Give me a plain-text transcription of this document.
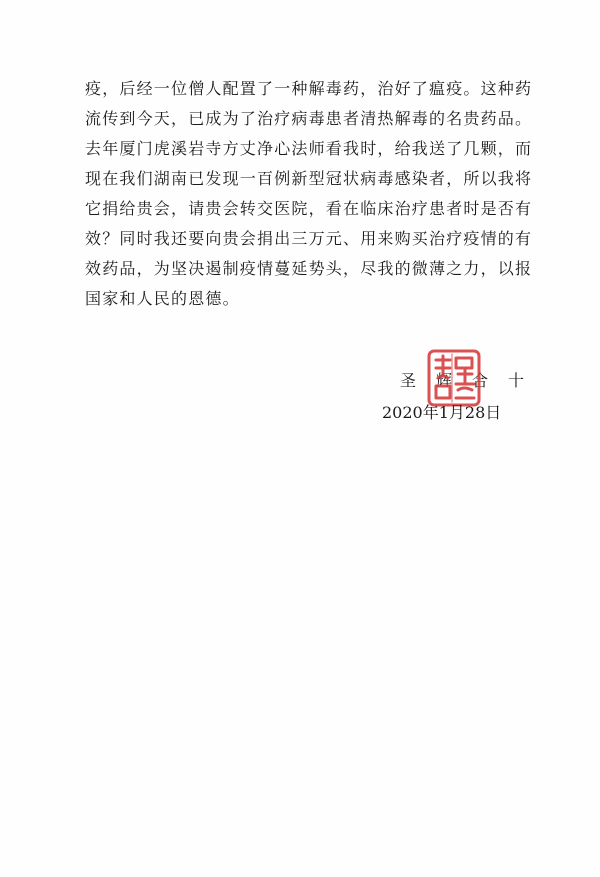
疫，后经一位僧人配置了一种解毒药，治好了瘟疫。这种药
流传到今天，已成为了治疗病毒患者清热解毒的名贵药品。
去年厦门虎溪岩寺方丈净心法师看我时，给我送了几颗，而
现在我们湖南已发现一百例新型冠状病毒感染者，所以我将
它捐给贵会，请贵会转交医院，看在临床治疗患者时是否有
效？同时我还要向贵会捐出三万元、用来购买治疗疫情的有
效药品，为坚决遏制疫情蔓延势头，尽我的微薄之力，以报
国家和人民的恩德。
圣辉合十
2020年1月28日
